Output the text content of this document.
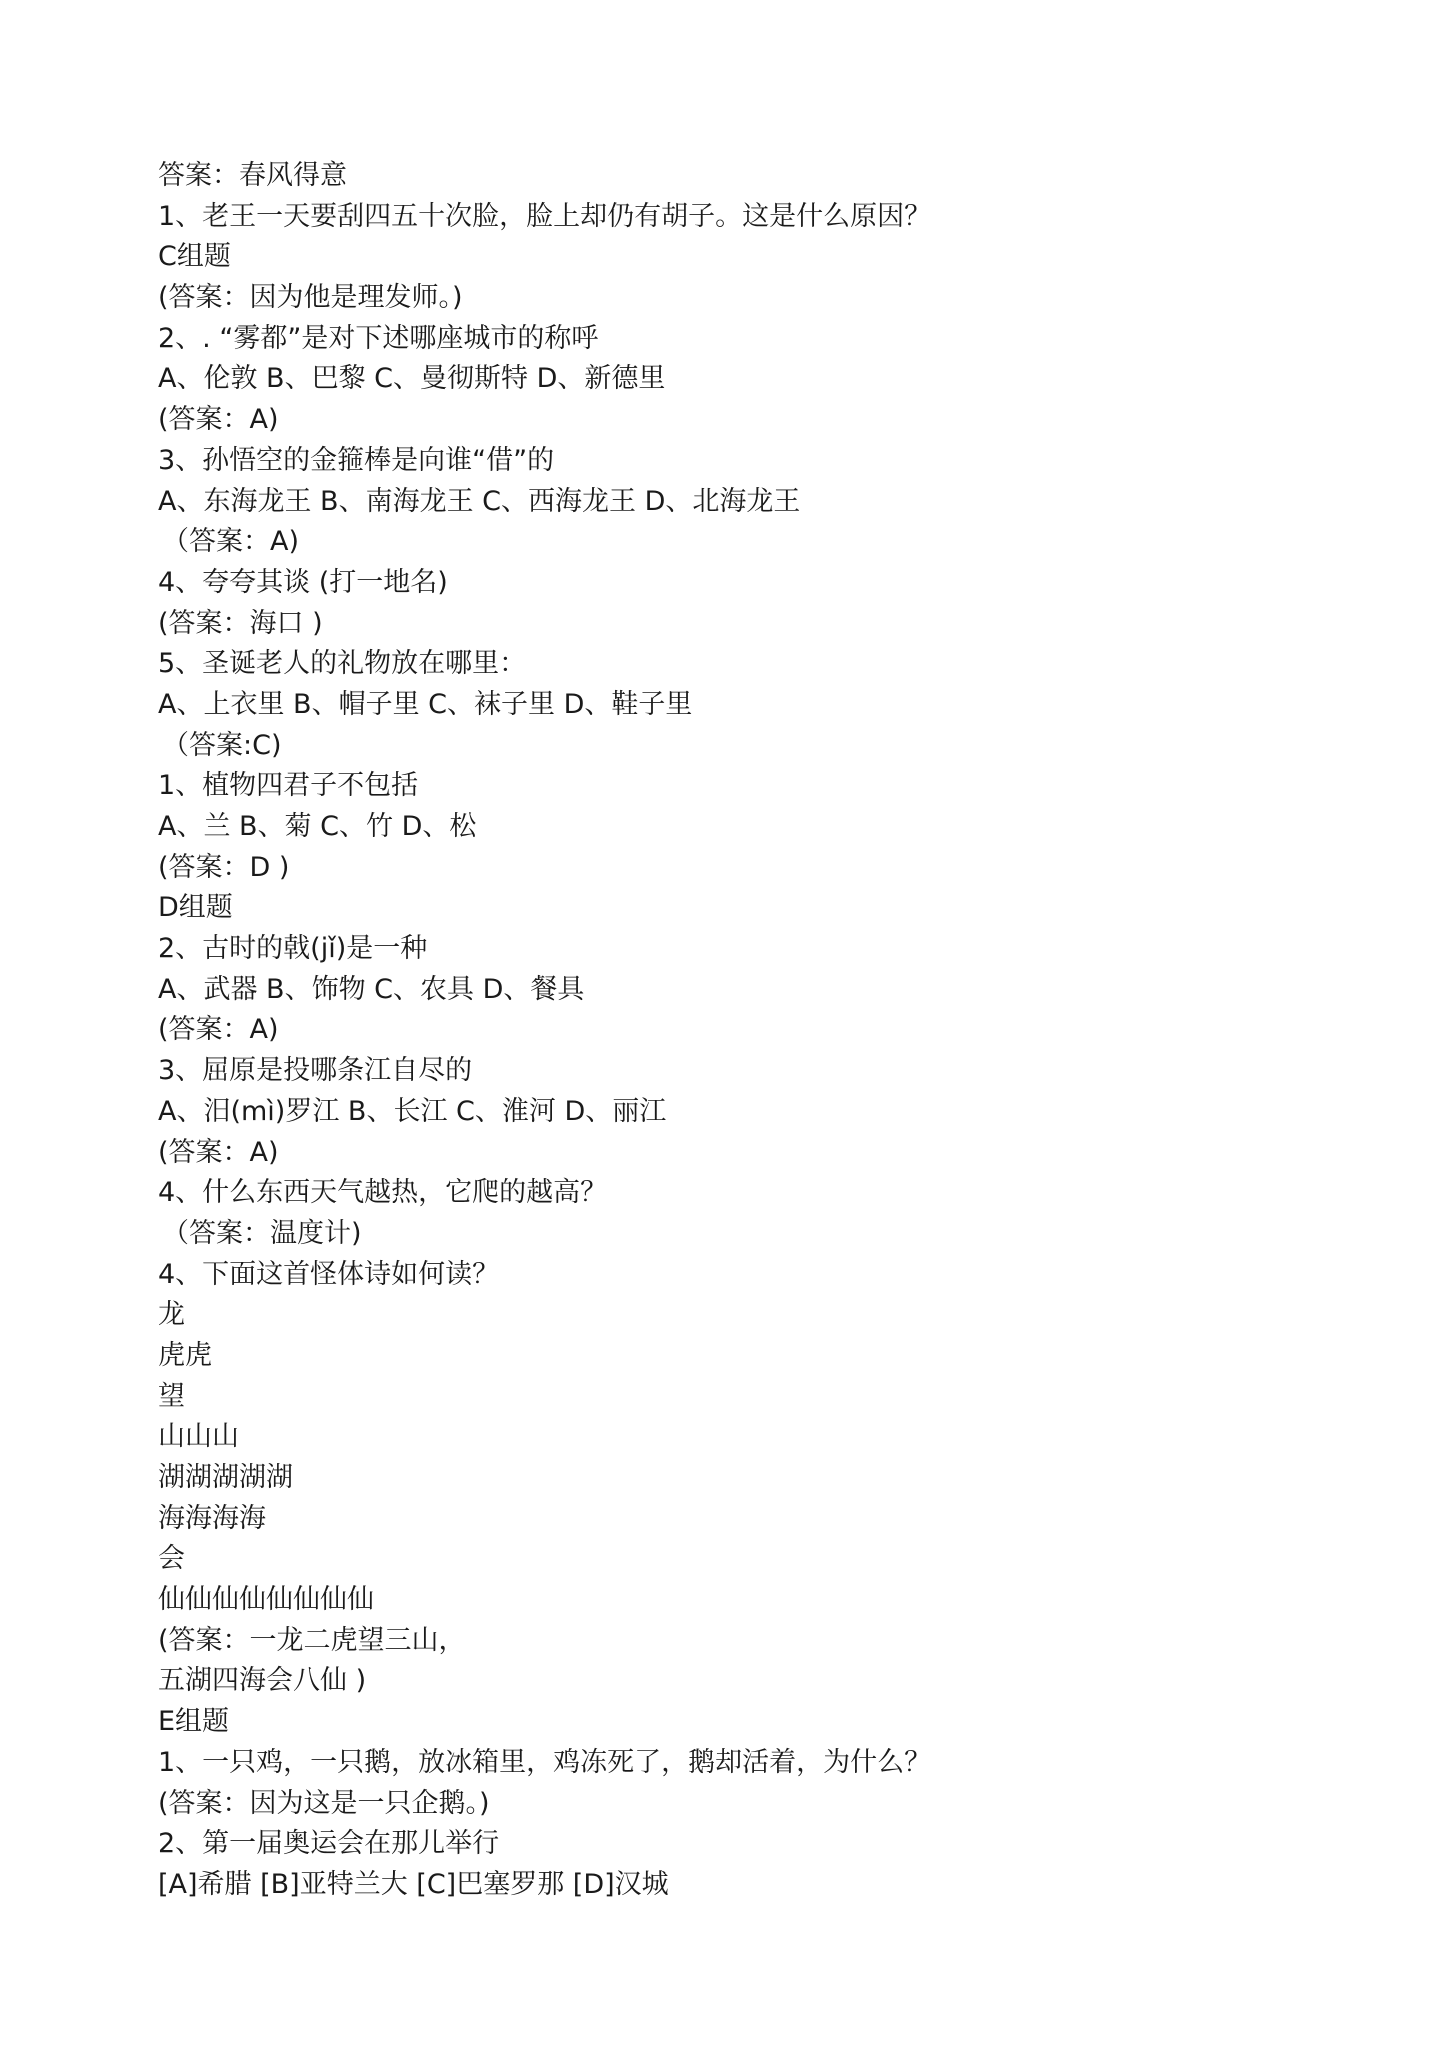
答案：春风得意
1、老王一天要刮四五十次脸，脸上却仍有胡子。这是什么原因？
C组题
(答案：因为他是理发师。)
2、. “雾都”是对下述哪座城市的称呼
A、伦敦 B、巴黎 C、曼彻斯特 D、新德里
(答案：A)
3、孙悟空的金箍棒是向谁“借”的
A、东海龙王 B、南海龙王 C、西海龙王 D、北海龙王
（答案：A)
4、夸夸其谈 (打一地名)
(答案：海口 )
5、圣诞老人的礼物放在哪里：
A、上衣里 B、帽子里 C、袜子里 D、鞋子里
（答案:C)
1、植物四君子不包括
A、兰 B、菊 C、竹 D、松
(答案：D )
D组题
2、古时的戟(jǐ)是一种
A、武器 B、饰物 C、农具 D、餐具
(答案：A)
3、屈原是投哪条江自尽的
A、汨(mì)罗江 B、长江 C、淮河 D、丽江
(答案：A)
4、什么东西天气越热，它爬的越高？
（答案：温度计)
4、下面这首怪体诗如何读？
龙
虎虎
望
山山山
湖湖湖湖湖
海海海海
会
仙仙仙仙仙仙仙仙
(答案：一龙二虎望三山，
五湖四海会八仙 )
E组题
1、一只鸡，一只鹅，放冰箱里，鸡冻死了，鹅却活着，为什么？
(答案：因为这是一只企鹅。)
2、第一届奥运会在那儿举行
[A]希腊 [B]亚特兰大 [C]巴塞罗那 [D]汉城
